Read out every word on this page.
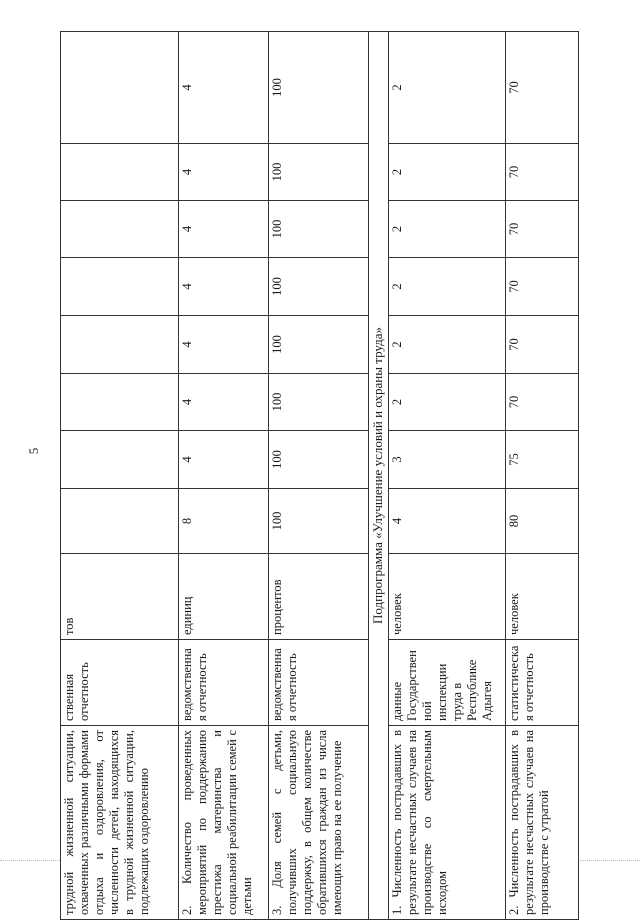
5
трудной жизненной ситуации, охваченных различными формами отдыха и оздоровления, от численности детей, находящихся в трудной жизненной ситуации, подлежащих оздоровлению	ственная отчетность	тов								
2. Количество проведенных мероприятий по поддержанию престижа материнства и социальной реабилитации семей с детьми	ведомственная отчетность	единиц	8	4	4	4	4	4	4	4
3. Доля семей с детьми, получивших социальную поддержку, в общем количестве обратившихся граждан из числа имеющих право на ее получение	ведомственная отчетность	процентов	100	100	100	100	100	100	100	100
Подпрограмма «Улучшение условий и охраны труда»										
1. Численность пострадавших в результате несчастных случаев на производстве со смертельным исходом	данные Государственной инспекции труда в Республике Адыгея	человек	4	3	2	2	2	2	2	2
2. Численность пострадавших в результате несчастных случаев на производстве с утратой	статистическая отчетность	человек	80	75	70	70	70	70	70	70
